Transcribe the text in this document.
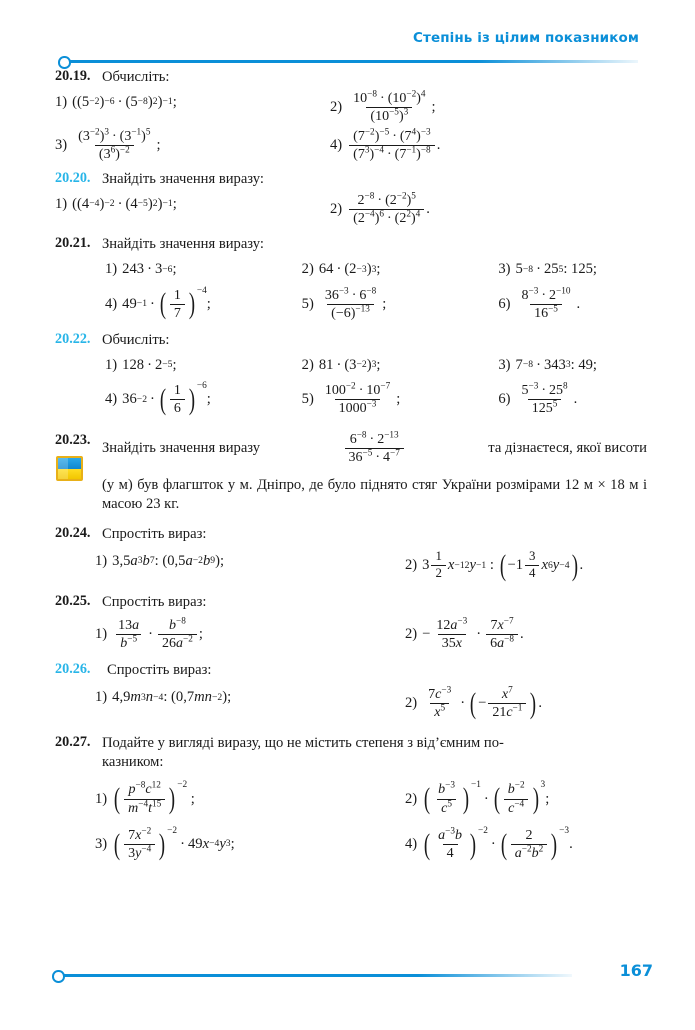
Степінь із цілим показником
20.19. Обчисліть:
1) ((5 −2 ) −6 · (5 −8 ) 2 ) −1 ;	$2) \frac{10^{-8} \cdot (10^{-2})^4}{(10^{-5})^3}$ ;
$3) \frac{(3^{-2})^3 \cdot (3^{-1})^5}{(3^6)^{-2}}$ ;	$4) \frac{(7^{-2})^{-5} \cdot (7^4)^{-3}}{(7^3)^{-4} \cdot (7^{-1})^{-8}}$ .
20.20. Знайдіть значення виразу:
1) ((4 −4 ) −2 · (4 −5 ) 2 ) −1 ;	$2) \frac{2^{-8} \cdot (2^{-2})^5}{(2^{-4})^6 \cdot (2^2)^4}$ .
20.21. Знайдіть значення виразу:
1) 243 · 3 −6 ;	2) 64 · (2 −3 ) 3 ;	3) 5 −8 · 25 5 : 125;
4) 49 −1 · ( $\frac{1}{7}$ ) −4
;	$5) \frac{36^{-3} \cdot 6^{-8}}{(-6)^{-13}}$ ;	$6) \frac{8^{-3} \cdot 2^{-10}}{16^{-5}}$ .
20.22. Обчисліть:
1) 128 · 2 −5 ;	2) 81 · (3 −2 ) 3 ;	3) 7 −8 · 343 3 : 49;
4) 36 −2 · ( $\frac{1}{6}$ ) −6
;	$5) \frac{100^{-2} \cdot 10^{-7}}{1000^{-3}}$ ;	$6) \frac{5^{-3} \cdot 25^8}{125^5}$ .
20.23. Знайдіть значення виразу	$\frac{6^{-8} \cdot 2^{-13}}{36^{-5} \cdot 4^{-7}}$	та дізнаєтеся, якої висоти
(у м) був флагшток у м. Дніпро, де було піднято стяг України розмірами 12 м × 18 м і масою 23 кг.
20.24. Спростіть вираз:
1) 3,5 a 3 b 7 : (0,5 a −2 b 9 );	2) $3 \frac{1}{2}$ x −12 y −1 : ( $-1 \frac{3}{4}$ x 6 y −4 ) .
20.25. Спростіть вираз:
$1) \frac{13a}{b^{-5}} \cdot \frac{b^{-8}}{26a^{-2}}$ ;	$2) - \frac{12a^{-3}}{35x} \cdot \frac{7x^{-7}}{6a^{-8}}$ .
20.26.	Спростіть вираз:
1) 4,9 m 3 n −4 : (0,7 mn −2 );	$2) \frac{7c^{-3}}{x^5}$ · ( − $\frac{x^7}{21c^{-1}}$ ) .
20.27. Подайте у вигляді виразу, що не містить степеня з від’ємним по-
казником:
1) ( $\frac{p^{-8}c^{12}}{m^{-4}t^{15}}$ ) −2
;	2) ( $\frac{b^{-3}}{c^5}$ ) −1
· ( $\frac{b^{-2}}{c^{-4}}$ ) 3
;
3) ( $\frac{7x^{-2}}{3y^{-4}}$ ) −2
· 49 x −4 y 3 ;	4) ( $\frac{a^{-3}b}{4}$ ) −2
· ( $\frac{2}{a^{-2}b^2}$ ) −3
.
167
